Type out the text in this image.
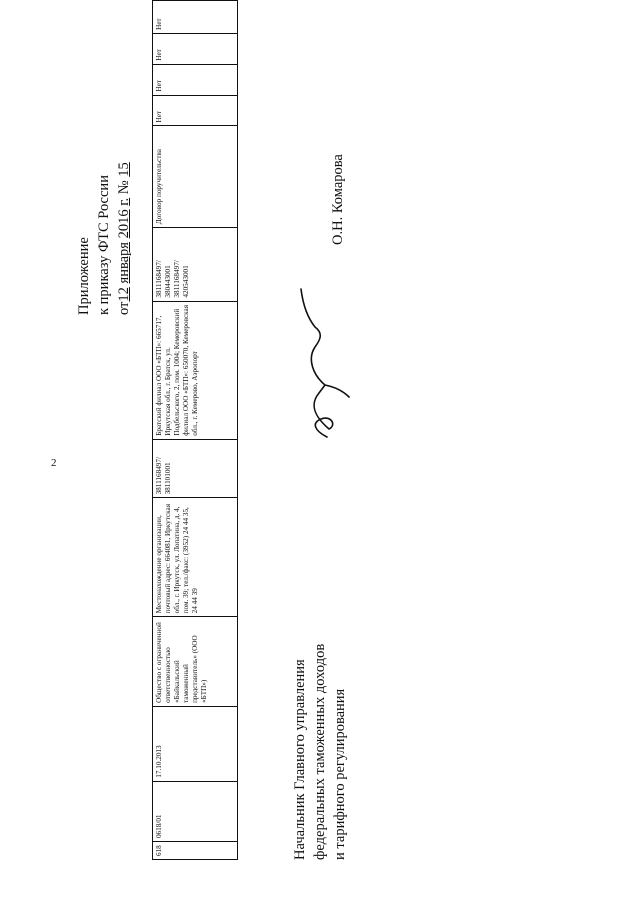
2
Приложение к приказу ФТС России от12 января 2016 г. № 15
618	0618/01	17.10.2013	Общество с ограниченной ответственностью «Байкальский таможенный представитель» (ООО «БТП»)	Местонахождение организации, почтовый адрес: 664081, Иркутская обл., г. Иркутск, ул. Лопатина, д. 4, пом. 39; тел./факс: (3952) 24 44 35, 24 44 39	3811168497/ 381101001	Братский филиал ООО «БТП»: 665717, Иркутская обл., г. Братск, ул. Подбельского, 2, пом. 1004; Кемеровский филиал ООО «БТП»: 650070, Кемеровская обл., г. Кемерово, Аэропорт	3811168497/ 380443001 3811168497/ 420543001	Договор поручительства	Нет	Нет	Нет	Нет
Начальник Главного управления федеральных таможенных доходов и тарифного регулирования
О.Н. Комарова
